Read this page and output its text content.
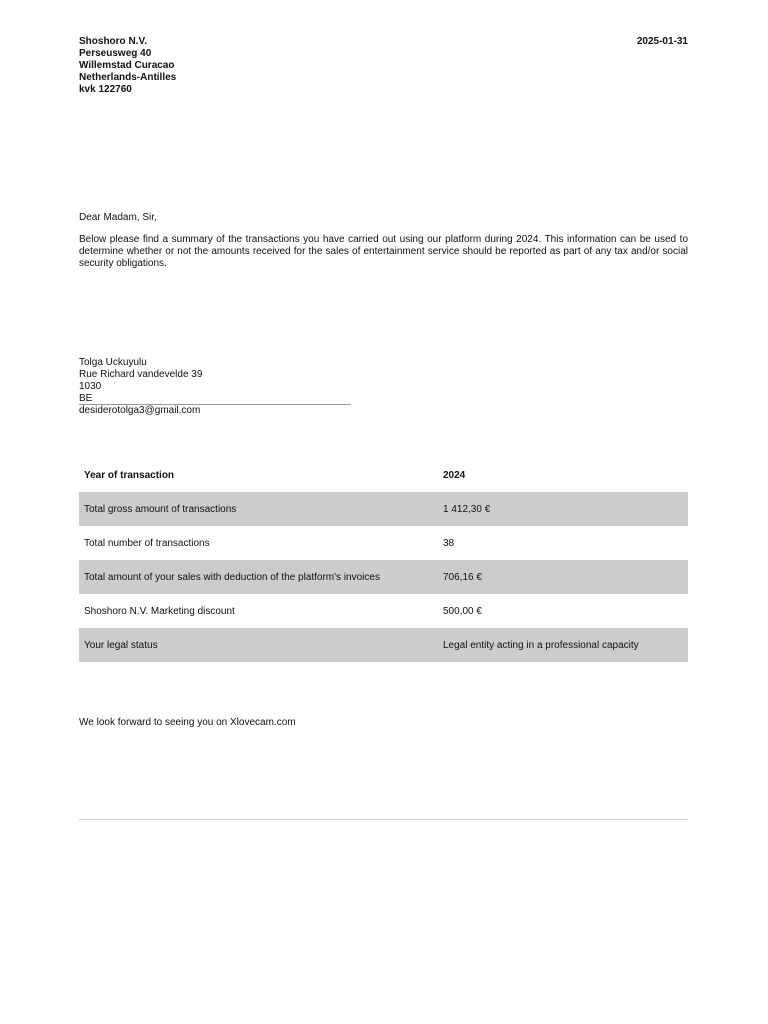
Shoshoro N.V.
Perseusweg 40
Willemstad Curacao
Netherlands-Antilles
kvk 122760
2025-01-31
Dear Madam, Sir,
Below please find a summary of the transactions you have carried out using our platform during 2024. This information can be used to determine whether or not the amounts received for the sales of entertainment service should be reported as part of any tax and/or social security obligations.
Tolga Uckuyulu
Rue Richard vandevelde 39
1030
BE
desiderotolga3@gmail.com
Year of transaction	2024
Total gross amount of transactions	1 412,30 €
Total number of transactions	38
Total amount of your sales with deduction of the platform's invoices	706,16 €
Shoshoro N.V. Marketing discount	500,00 €
Your legal status	Legal entity acting in a professional capacity
We look forward to seeing you on Xlovecam.com
